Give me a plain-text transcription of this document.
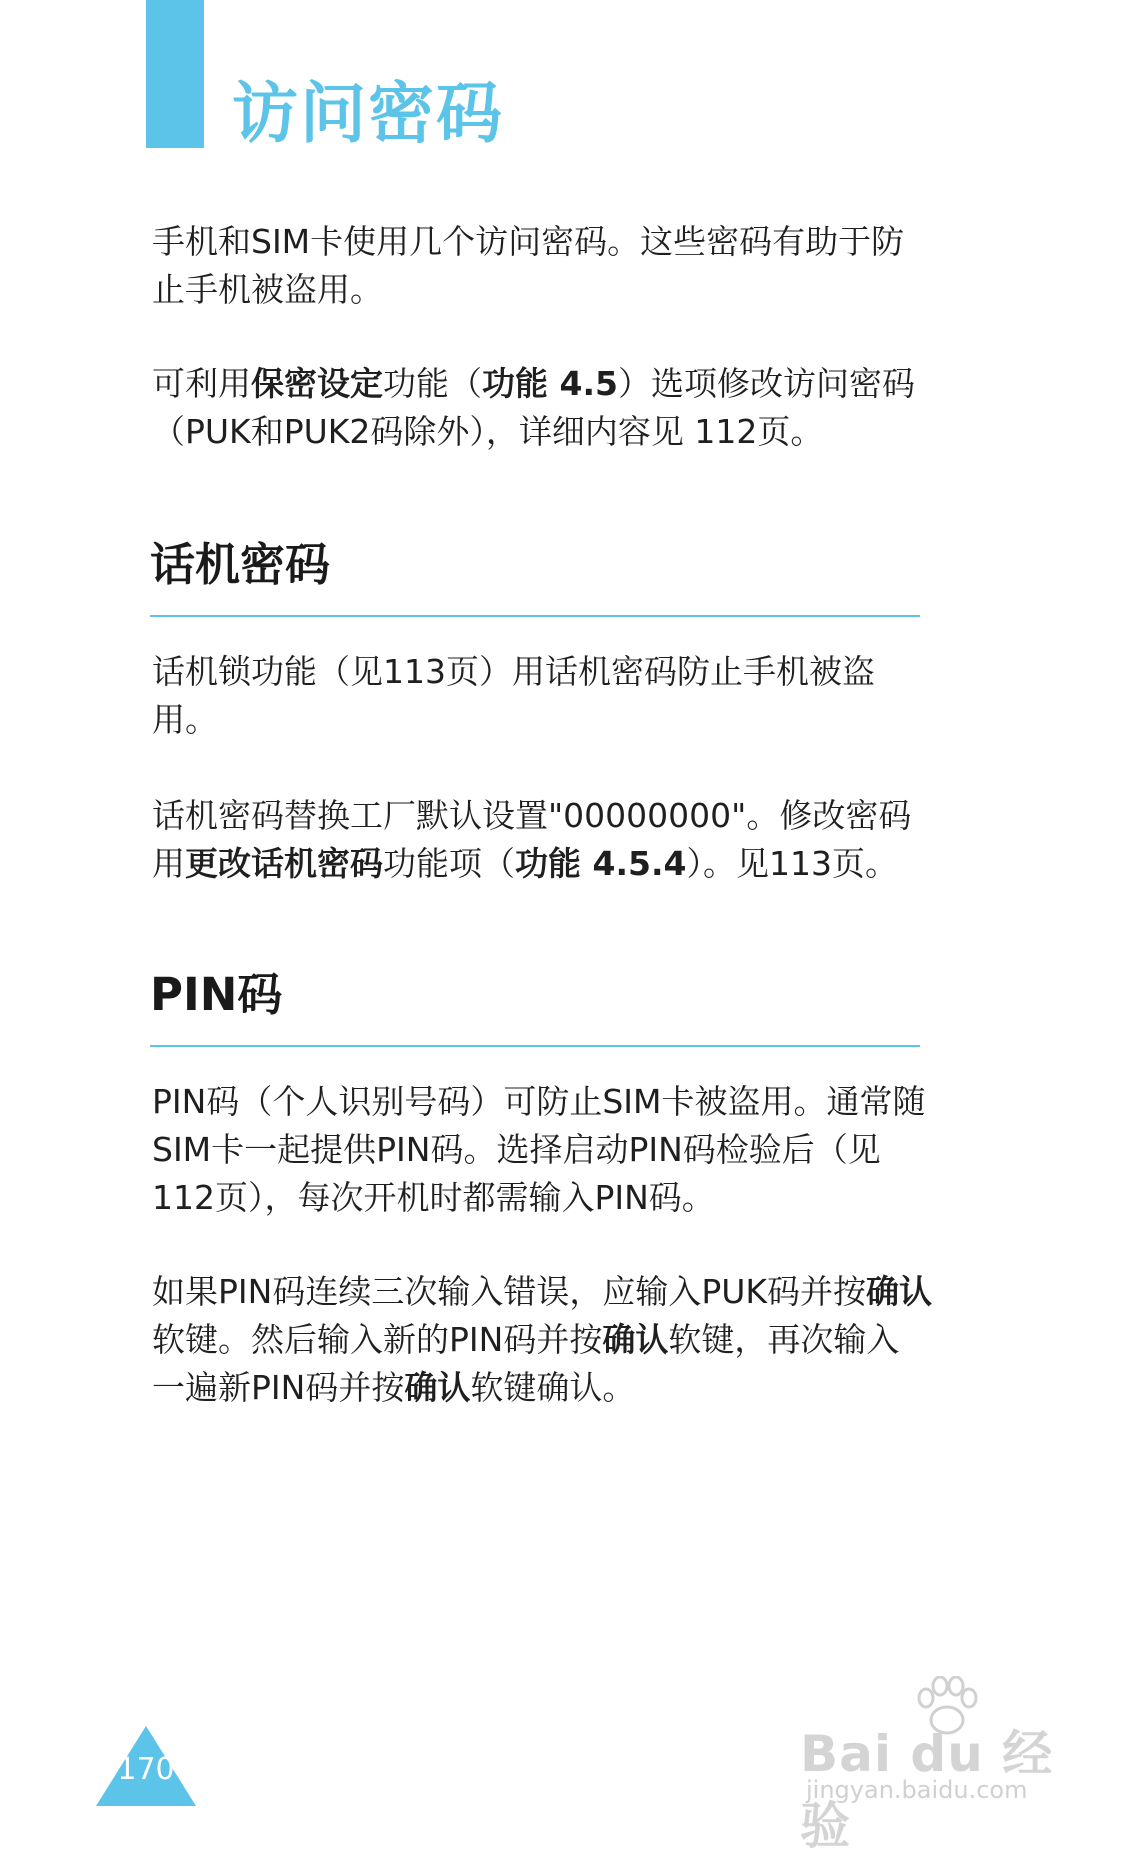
访问密码

手机和SIM卡使用几个访问密码。这些密码有助于防止手机被盗用。

可利用保密设定功能（功能 4.5）选项修改访问密码（PUK和PUK2码除外），详细内容见 112页。

话机密码

话机锁功能（见113页）用话机密码防止手机被盗用。

话机密码替换工厂默认设置"00000000"。修改密码用更改话机密码功能项（功能 4.5.4）。见113页。

PIN码

PIN码（个人识别号码）可防止SIM卡被盗用。通常随SIM卡一起提供PIN码。选择启动PIN码检验后（见112页），每次开机时都需输入PIN码。

如果PIN码连续三次输入错误，应输入PUK码并按确认软键。然后输入新的PIN码并按确认软键，再次输入一遍新PIN码并按确认软键确认。

170	Bai du 经验
jingyan.baidu.com
